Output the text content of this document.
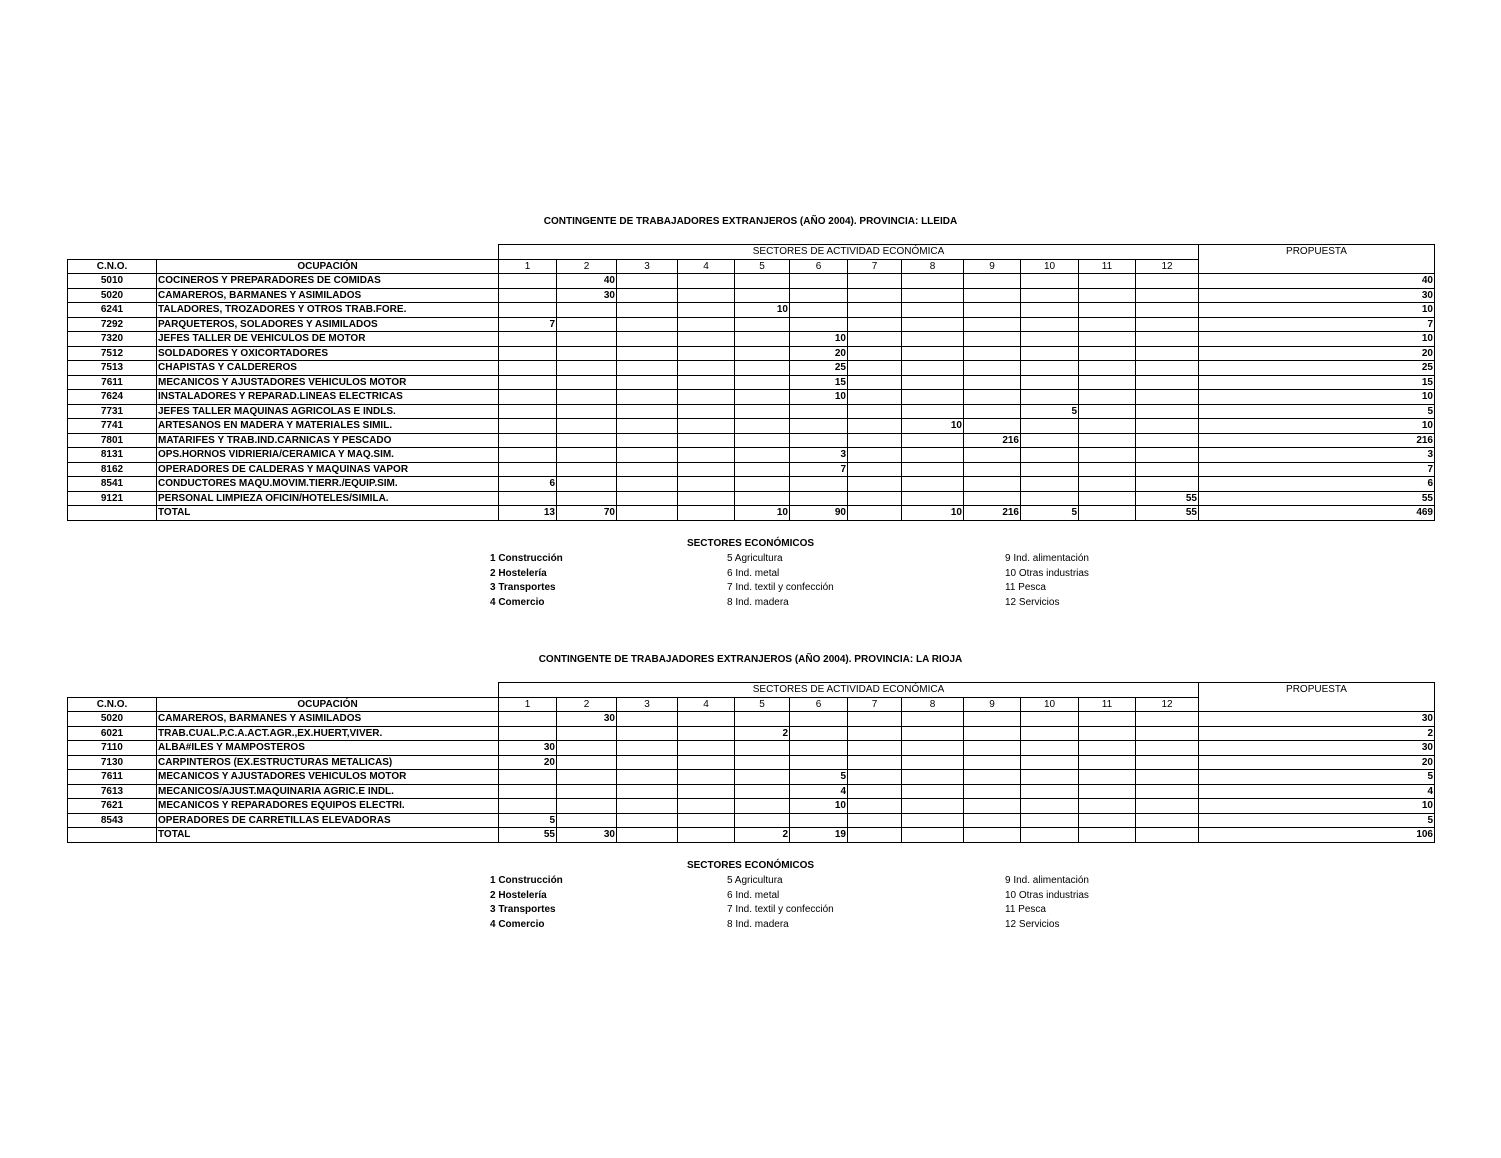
CONTINGENTE DE TRABAJADORES EXTRANJEROS (AÑO 2004). PROVINCIA: LLEIDA
		SECTORES DE ACTIVIDAD ECONÓMICA												PROPUESTA
C.N.O.	OCUPACIÓN	1	2	3	4	5	6	7	8	9	10	11	12	
5010	COCINEROS Y PREPARADORES DE COMIDAS		40											40
5020	CAMAREROS, BARMANES Y ASIMILADOS		30											30
6241	TALADORES, TROZADORES Y OTROS TRAB.FORE.					10								10
7292	PARQUETEROS, SOLADORES Y ASIMILADOS	7												7
7320	JEFES TALLER DE VEHICULOS DE MOTOR						10							10
7512	SOLDADORES Y OXICORTADORES						20							20
7513	CHAPISTAS Y CALDEREROS						25							25
7611	MECANICOS Y AJUSTADORES VEHICULOS MOTOR						15							15
7624	INSTALADORES Y REPARAD.LINEAS ELECTRICAS						10							10
7731	JEFES TALLER MAQUINAS AGRICOLAS E INDLS.										5			5
7741	ARTESANOS EN MADERA Y MATERIALES SIMIL.								10					10
7801	MATARIFES Y TRAB.IND.CARNICAS Y PESCADO									216				216
8131	OPS.HORNOS VIDRIERIA/CERAMICA Y MAQ.SIM.						3							3
8162	OPERADORES DE CALDERAS Y MAQUINAS VAPOR						7							7
8541	CONDUCTORES MAQU.MOVIM.TIERR./EQUIP.SIM.	6												6
9121	PERSONAL LIMPIEZA OFICIN/HOTELES/SIMILA.												55	55
	TOTAL	13	70			10	90		10	216	5		55	469
SECTORES ECONÓMICOS
1 Construcción
2 Hostelería
3 Transportes
4 Comercio
5 Agricultura
6 Ind. metal
7 Ind. textil y confección
8 Ind. madera
9 Ind. alimentación
10 Otras industrias
11 Pesca
12 Servicios
CONTINGENTE DE TRABAJADORES EXTRANJEROS (AÑO 2004). PROVINCIA: LA RIOJA
		SECTORES DE ACTIVIDAD ECONÓMICA												PROPUESTA
C.N.O.	OCUPACIÓN	1	2	3	4	5	6	7	8	9	10	11	12	
5020	CAMAREROS, BARMANES Y ASIMILADOS		30											30
6021	TRAB.CUAL.P.C.A.ACT.AGR.,EX.HUERT,VIVER.					2								2
7110	ALBA#ILES Y MAMPOSTEROS	30												30
7130	CARPINTEROS (EX.ESTRUCTURAS METALICAS)	20												20
7611	MECANICOS Y AJUSTADORES VEHICULOS MOTOR						5							5
7613	MECANICOS/AJUST.MAQUINARIA AGRIC.E INDL.						4							4
7621	MECANICOS Y REPARADORES EQUIPOS ELECTRI.						10							10
8543	OPERADORES DE CARRETILLAS ELEVADORAS	5												5
	TOTAL	55	30			2	19							106
SECTORES ECONÓMICOS
1 Construcción
2 Hostelería
3 Transportes
4 Comercio
5 Agricultura
6 Ind. metal
7 Ind. textil y confección
8 Ind. madera
9 Ind. alimentación
10 Otras industrias
11 Pesca
12 Servicios
